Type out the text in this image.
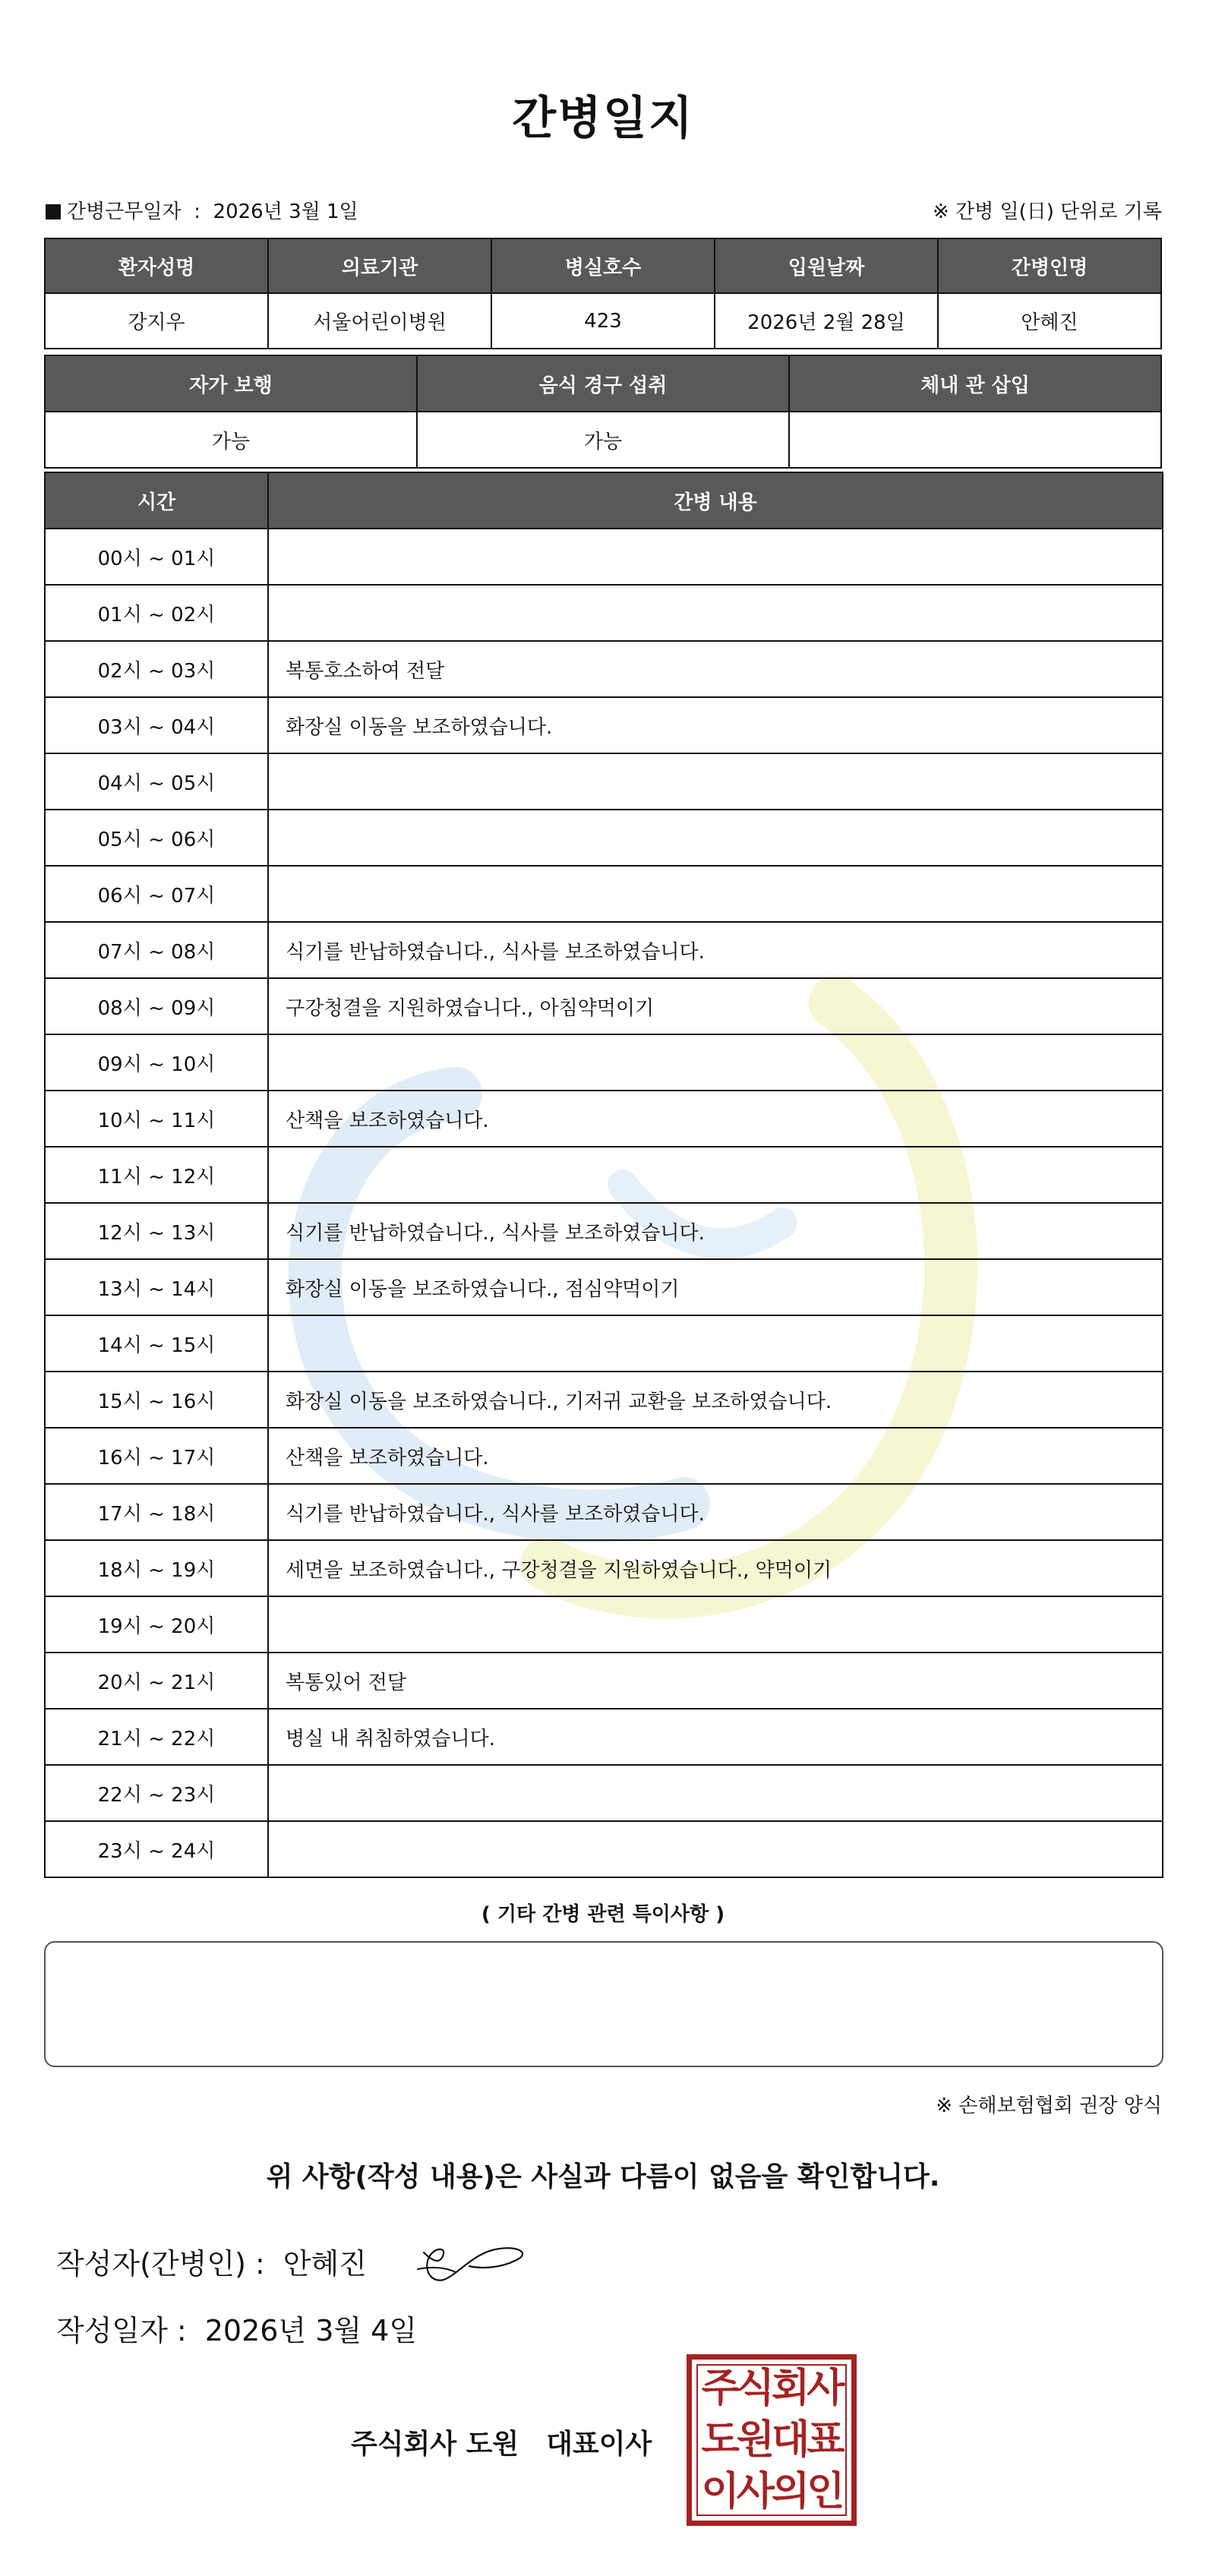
간병일지
간병근무일자 : 2026년 3월 1일	※ 간병 일(日) 단위로 기록
환자성명	의료기관	병실호수	입원날짜	간병인명
강지우	서울어린이병원	423	2026년 2월 28일	안혜진
자가 보행	음식 경구 섭취	체내 관 삽입
가능	가능	
시간	간병 내용
00시 ~ 01시	
01시 ~ 02시	
02시 ~ 03시	복통호소하여 전달
03시 ~ 04시	화장실 이동을 보조하였습니다.
04시 ~ 05시	
05시 ~ 06시	
06시 ~ 07시	
07시 ~ 08시	식기를 반납하였습니다., 식사를 보조하였습니다.
08시 ~ 09시	구강청결을 지원하였습니다., 아침약먹이기
09시 ~ 10시	
10시 ~ 11시	산책을 보조하였습니다.
11시 ~ 12시	
12시 ~ 13시	식기를 반납하였습니다., 식사를 보조하였습니다.
13시 ~ 14시	화장실 이동을 보조하였습니다., 점심약먹이기
14시 ~ 15시	
15시 ~ 16시	화장실 이동을 보조하였습니다., 기저귀 교환을 보조하였습니다.
16시 ~ 17시	산책을 보조하였습니다.
17시 ~ 18시	식기를 반납하였습니다., 식사를 보조하였습니다.
18시 ~ 19시	세면을 보조하였습니다., 구강청결을 지원하였습니다., 약먹이기
19시 ~ 20시	
20시 ~ 21시	복통있어 전달
21시 ~ 22시	병실 내 취침하였습니다.
22시 ~ 23시	
23시 ~ 24시	
( 기타 간병 관련 특이사항 )
※ 손해보험협회 권장 양식
위 사항(작성 내용)은 사실과 다름이 없음을 확인합니다.
작성자(간병인) : 안혜진
작성일자 : 2026년 3월 4일
주식회사 도원 대표이사
주식회사
도원대표
이사의인
